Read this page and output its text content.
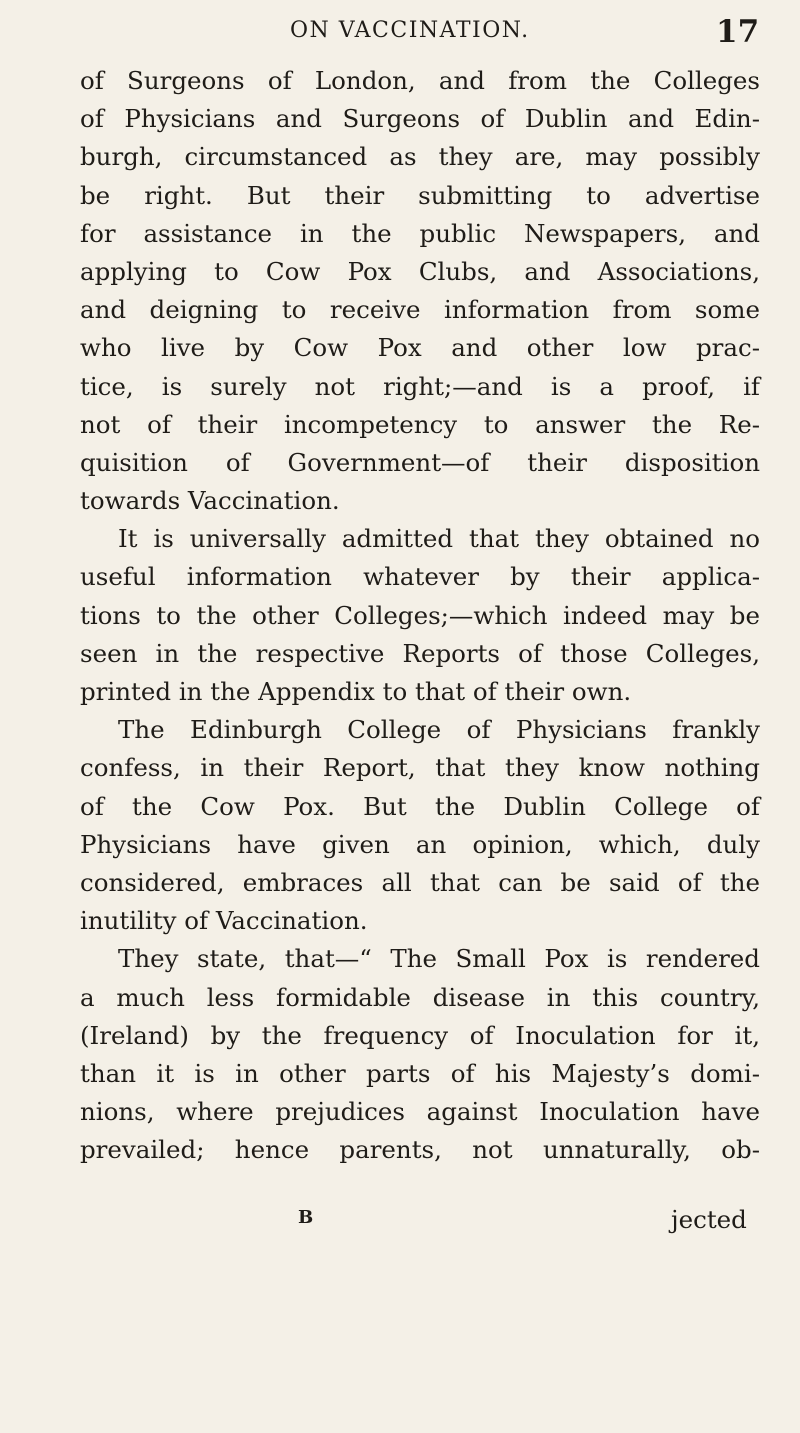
ON VACCINATION.	17
of Surgeons of London, and from the Colleges
of Physicians and Surgeons of Dublin and Edin-
burgh, circumstanced as they are, may possibly
be right. But their submitting to advertise
for assistance in the public Newspapers, and
applying to Cow Pox Clubs, and Associations,
and deigning to receive information from some
who live by Cow Pox and other low prac-
tice, is surely not right;—and is a proof, if
not of their incompetency to answer the Re-
quisition of Government—of their disposition
towards Vaccination.
It is universally admitted that they obtained no
useful information whatever by their applica-
tions to the other Colleges;—which indeed may be
seen in the respective Reports of those Colleges,
printed in the Appendix to that of their own.
The Edinburgh College of Physicians frankly
confess, in their Report, that they know nothing
of the Cow Pox. But the Dublin College of
Physicians have given an opinion, which, duly
considered, embraces all that can be said of the
inutility of Vaccination.
They state, that—“ The Small Pox is rendered
a much less formidable disease in this country,
(Ireland) by the frequency of Inoculation for it,
than it is in other parts of his Majesty’s domi-
nions, where prejudices against Inoculation have
prevailed; hence parents, not unnaturally, ob-
B	jected
